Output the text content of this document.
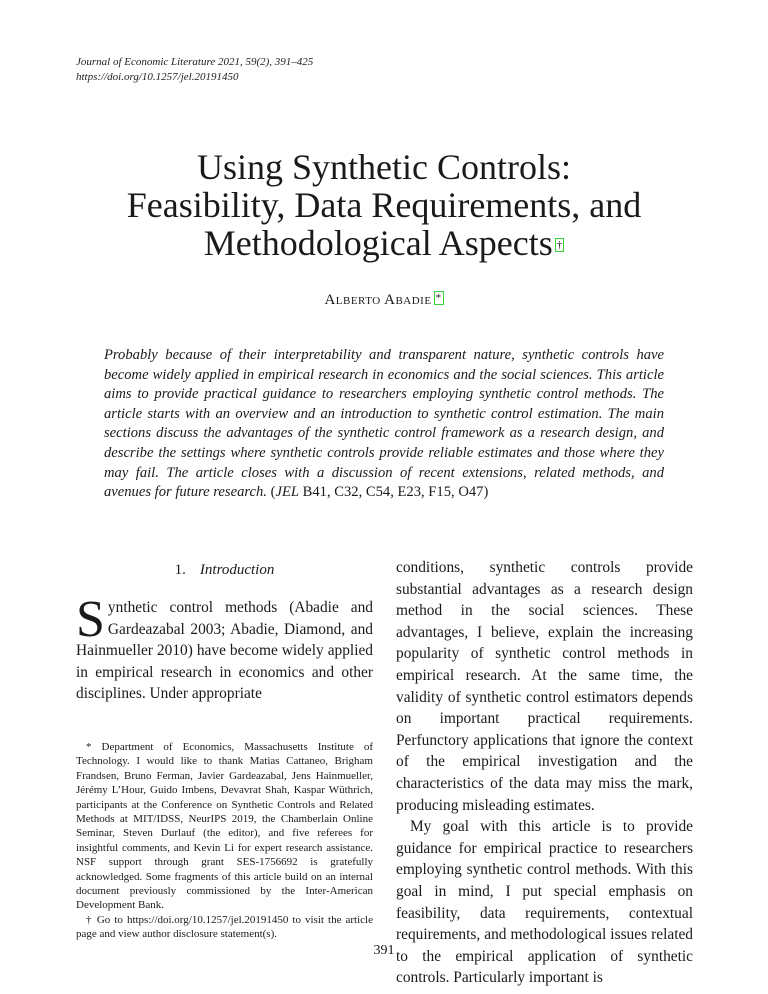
Journal of Economic Literature 2021, 59(2), 391–425
https://doi.org/10.1257/jel.20191450
Using Synthetic Controls:
Feasibility, Data Requirements, and
Methodological Aspects †
Alberto Abadie *
Probably because of their interpretability and transparent nature, synthetic controls have become widely applied in empirical research in economics and the social sciences. This article aims to provide practical guidance to researchers employing synthetic control methods. The article starts with an overview and an introduction to synthetic control estimation. The main sections discuss the advantages of the synthetic control framework as a research design, and describe the settings where synthetic controls provide reliable estimates and those where they may fail. The article closes with a discussion of recent extensions, related methods, and avenues for future research. (JEL B41, C32, C54, E23, F15, O47)
1. Introduction
Synthetic control methods (Abadie and Gardeazabal 2003; Abadie, Diamond, and Hainmueller 2010) have become widely applied in empirical research in economics and other disciplines. Under appropriate

* Department of Economics, Massachusetts Institute of Technology. I would like to thank Matias Cattaneo, Brigham Frandsen, Bruno Ferman, Javier Gardeazabal, Jens Hainmueller, Jérémy L’Hour, Guido Imbens, Devavrat Shah, Kaspar Wüthrich, participants at the Conference on Synthetic Controls and Related Methods at MIT/IDSS, NeurIPS 2019, the Chamberlain Online Seminar, Steven Durlauf (the editor), and five referees for insightful comments, and Kevin Li for expert research assistance. NSF support through grant SES-1756692 is gratefully acknowledged. Some fragments of this article build on an internal document previously commissioned by the Inter-American Development Bank.

† Go to https://doi.org/10.1257/jel.20191450 to visit the article page and view author disclosure statement(s).

conditions, synthetic controls provide substantial advantages as a research design method in the social sciences. These advantages, I believe, explain the increasing popularity of synthetic control methods in empirical research. At the same time, the validity of synthetic control estimators depends on important practical requirements. Perfunctory applications that ignore the context of the empirical investigation and the characteristics of the data may miss the mark, producing misleading estimates.

My goal with this article is to provide guidance for empirical practice to researchers employing synthetic control methods. With this goal in mind, I put special emphasis on feasibility, data requirements, contextual requirements, and methodological issues related to the empirical application of synthetic controls. Particularly important is

391
